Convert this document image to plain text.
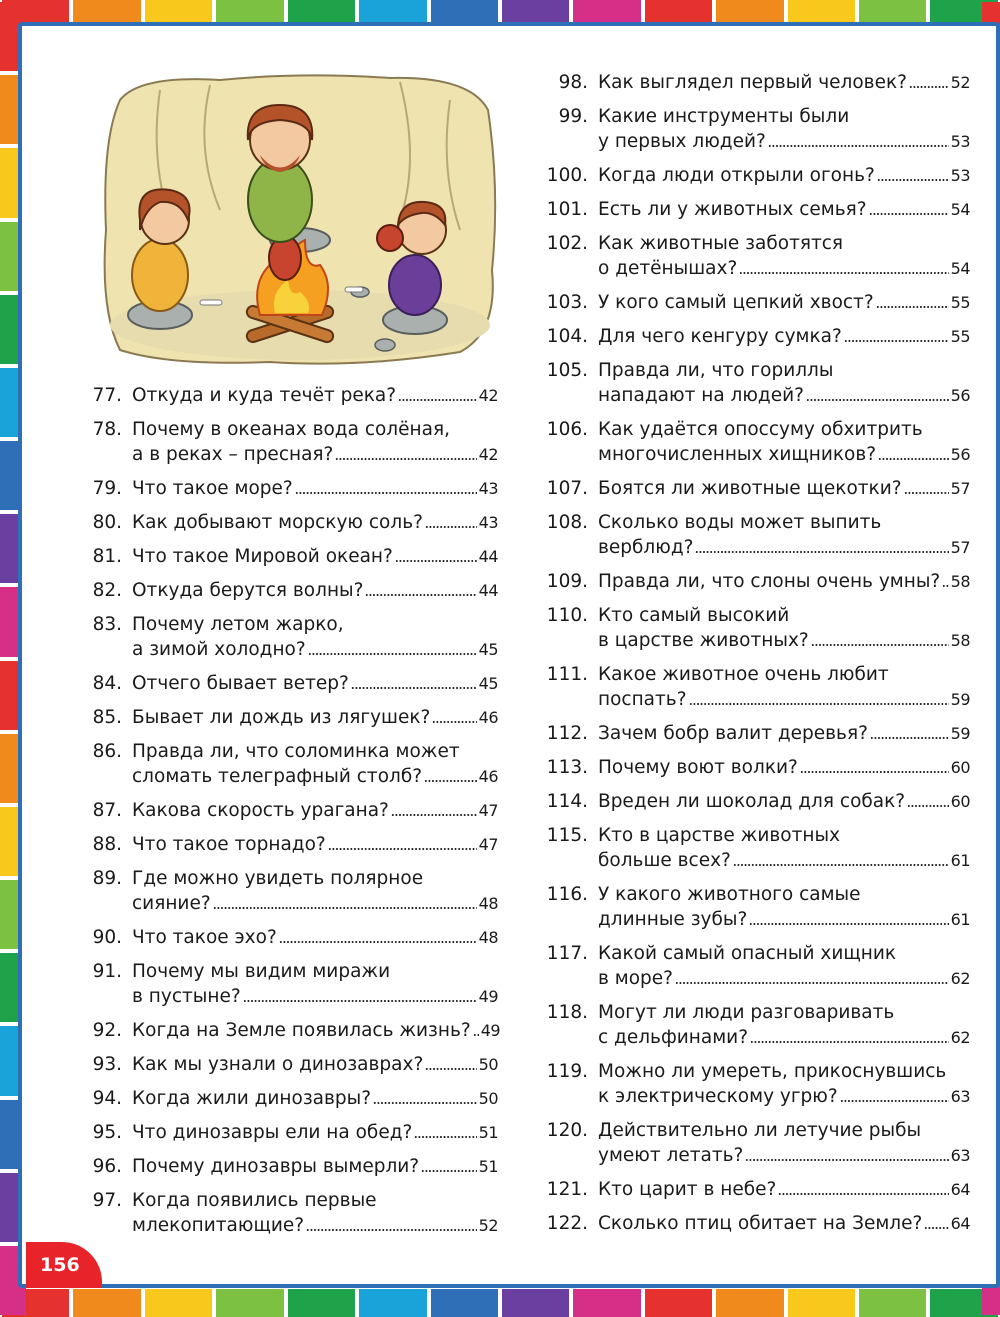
77. Откуда и куда течёт река?	42
78. Почему в океанах вода солёная,
а в реках – пресная?	42
79. Что такое море?	43
80. Как добывают морскую соль?	43
81. Что такое Мировой океан?	44
82. Откуда берутся волны?	44
83. Почему летом жарко,
а зимой холодно?	45
84. Отчего бывает ветер?	45
85. Бывает ли дождь из лягушек?	46
86. Правда ли, что соломинка может
сломать телеграфный столб?	46
87. Какова скорость урагана?	47
88. Что такое торнадо?	47
89. Где можно увидеть полярное
сияние?	48
90. Что такое эхо?	48
91. Почему мы видим миражи
в пустыне?	49
92. Когда на Земле появилась жизнь? 49
93. Как мы узнали о динозаврах?	50
94. Когда жили динозавры?	50
95. Что динозавры ели на обед?	51
96. Почему динозавры вымерли?	51
97. Когда появились первые
млекопитающие?	52
98. Как выглядел первый человек?	52
99. Какие инструменты были
у первых людей?	53
100. Когда люди открыли огонь?	53
101. Есть ли у животных семья?	54
102. Как животные заботятся
о детёнышах?	54
103. У кого самый цепкий хвост?	55
104. Для чего кенгуру сумка?	55
105. Правда ли, что гориллы
нападают на людей?	56
106. Как удаётся опоссуму обхитрить
многочисленных хищников?	56
107. Боятся ли животные щекотки?	57
108. Сколько воды может выпить
верблюд?	57
109. Правда ли, что слоны очень умны? 58
110. Кто самый высокий
в царстве животных?	58
111. Какое животное очень любит
поспать?	59
112. Зачем бобр валит деревья?	59
113. Почему воют волки?	60
114. Вреден ли шоколад для собак?	60
115. Кто в царстве животных
больше всех?	61
116. У какого животного самые
длинные зубы?	61
117. Какой самый опасный хищник
в море?	62
118. Могут ли люди разговаривать
с дельфинами?	62
119. Можно ли умереть, прикоснувшись
к электрическому угрю?	63
120. Действительно ли летучие рыбы
умеют летать?	63
121. Кто царит в небе?	64
122. Сколько птиц обитает на Земле? 64
156
